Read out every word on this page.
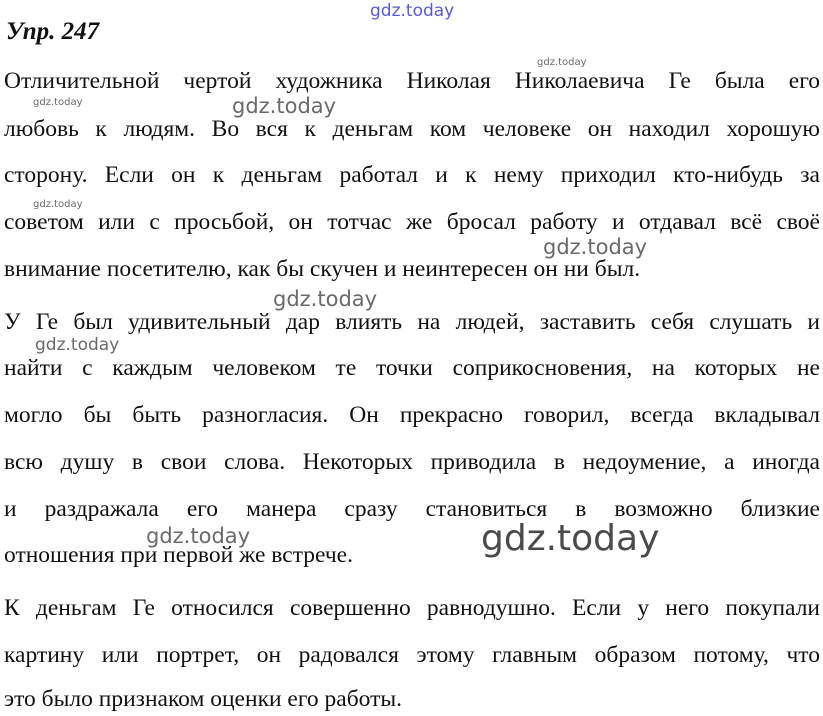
gdz.today
gdz.today
gdz.today	gdz.today
gdz.today
gdz.today
gdz.today
gdz.today
gdz.today	gdz.today
Упр. 247
Отличительной чертой художника Николая Николаевича Ге была его
любовь к людям. Во вся к деньгам ком человеке он находил хорошую
сторону. Если он к деньгам работал и к нему приходил кто-нибудь за
советом или с просьбой, он тотчас же бросал работу и отдавал всё своё
внимание посетителю, как бы скучен и неинтересен он ни был.
У Ге был удивительный дар влиять на людей, заставить себя слушать и
найти с каждым человеком те точки соприкосновения, на которых не
могло бы быть разногласия. Он прекрасно говорил, всегда вкладывал
всю душу в свои слова. Некоторых приводила в недоумение, а иногда
и раздражала его манера сразу становиться в возможно близкие
отношения при первой же встрече.
К деньгам Ге относился совершенно равнодушно. Если у него покупали
картину или портрет, он радовался этому главным образом потому, что
это было признаком оценки его работы.
